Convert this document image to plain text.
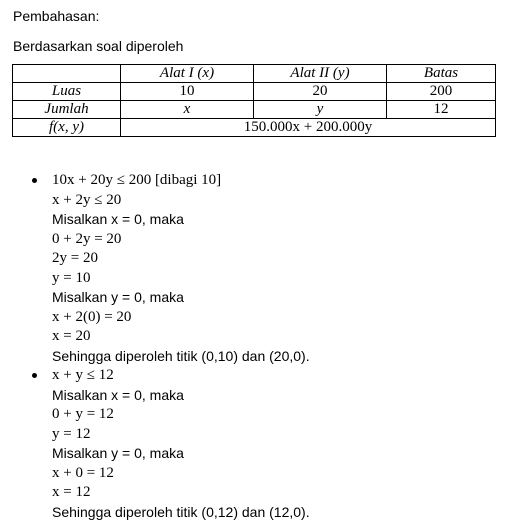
Pembahasan:
Berdasarkan soal diperoleh
	Alat I (x)	Alat II (y)	Batas
Luas	10	20	200
Jumlah	x	y	12
f(x, y)	150.000x + 200.000y		
10x + 20y ≤ 200 [dibagi 10]
x + 2y ≤ 20
Misalkan x = 0, maka
0 + 2y = 20
2y = 20
y = 10
Misalkan y = 0, maka
x + 2(0) = 20
x = 20
Sehingga diperoleh titik (0,10) dan (20,0).
x + y ≤ 12
Misalkan x = 0, maka
0 + y = 12
y = 12
Misalkan y = 0, maka
x + 0 = 12
x = 12
Sehingga diperoleh titik (0,12) dan (12,0).
